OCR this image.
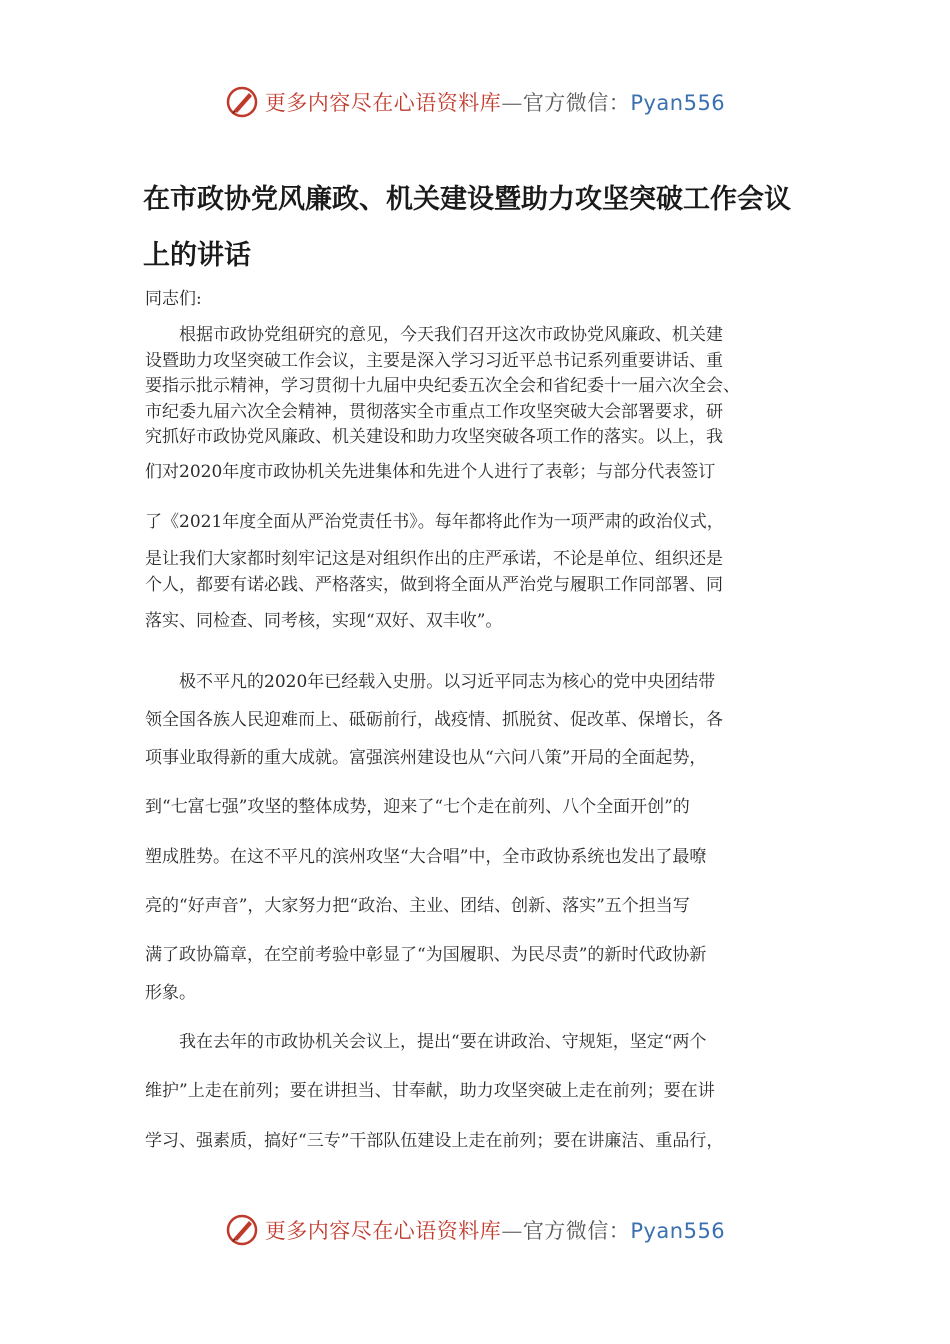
更多内容尽在心语资料库—官方微信：Pyan556
在市政协党风廉政、机关建设暨助力攻坚突破工作会议上的讲话
同志们:
　　根据市政协党组研究的意见，今天我们召开这次市政协党风廉政、机关建
设暨助力攻坚突破工作会议，主要是深入学习习近平总书记系列重要讲话、重
要指示批示精神，学习贯彻十九届中央纪委五次全会和省纪委十一届六次全会、
市纪委九届六次全会精神，贯彻落实全市重点工作攻坚突破大会部署要求，研
究抓好市政协党风廉政、机关建设和助力攻坚突破各项工作的落实。以上，我
们对2020年度市政协机关先进集体和先进个人进行了表彰；与部分代表签订
了《2021年度全面从严治党责任书》。每年都将此作为一项严肃的政治仪式，
是让我们大家都时刻牢记这是对组织作出的庄严承诺，不论是单位、组织还是
个人，都要有诺必践、严格落实，做到将全面从严治党与履职工作同部署、同
落实、同检查、同考核，实现“双好、双丰收”。
　　极不平凡的2020年已经载入史册。以习近平同志为核心的党中央团结带
领全国各族人民迎难而上、砥砺前行，战疫情、抓脱贫、促改革、保增长，各
项事业取得新的重大成就。富强滨州建设也从“六问八策”开局的全面起势，
到“七富七强”攻坚的整体成势，迎来了“七个走在前列、八个全面开创”的
塑成胜势。在这不平凡的滨州攻坚“大合唱”中，全市政协系统也发出了最嘹
亮的“好声音”，大家努力把“政治、主业、团结、创新、落实”五个担当写
满了政协篇章，在空前考验中彰显了“为国履职、为民尽责”的新时代政协新
形象。
　　我在去年的市政协机关会议上，提出“要在讲政治、守规矩，坚定“两个
维护”上走在前列；要在讲担当、甘奉献，助力攻坚突破上走在前列；要在讲
学习、强素质，搞好“三专”干部队伍建设上走在前列；要在讲廉洁、重品行，
更多内容尽在心语资料库—官方微信：Pyan556
